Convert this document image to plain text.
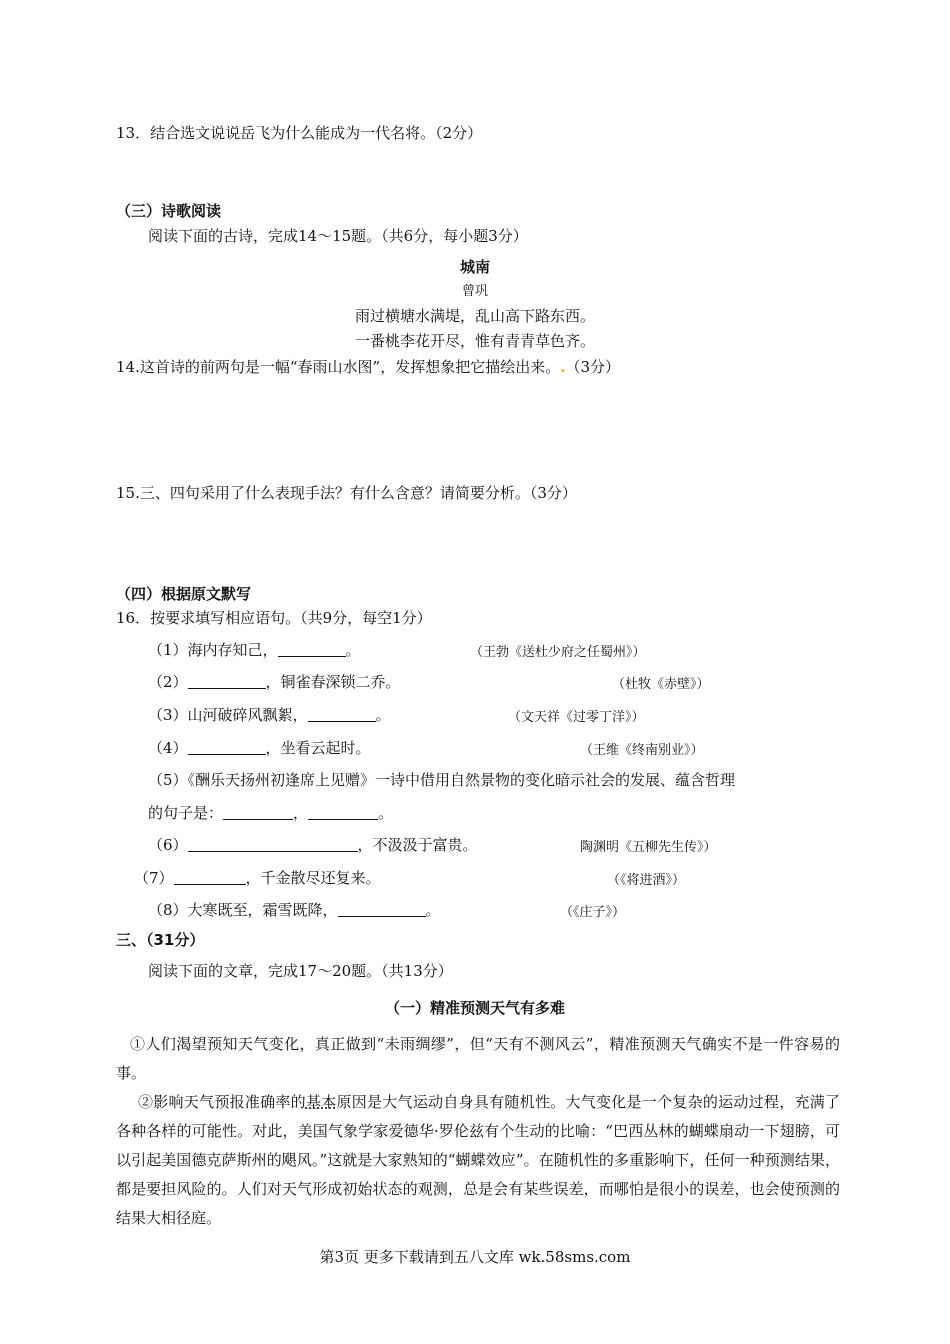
13．结合选文说说岳飞为什么能成为一代名将。（2分）
（三）诗歌阅读
阅读下面的古诗，完成14～15题。（共6分，每小题3分）
城南
曾巩
雨过横塘水满堤，乱山高下路东西。
一番桃李花开尽，惟有青青草色齐。
14.这首诗的前两句是一幅“春雨山水图”，发挥想象把它描绘出来。.（3分）
15.三、四句采用了什么表现手法？有什么含意？请简要分析。（3分）
（四）根据原文默写
16．按要求填写相应语句。（共9分，每空1分）
（1）海内存知己，	。	（王勃《送杜少府之任蜀州》）
（2）	，铜雀春深锁二乔。	（杜牧《赤壁》）
（3）山河破碎风飘絮，	。	（文天祥《过零丁洋》）
（4）	，坐看云起时。	（王维《终南别业》）
（5）《酬乐天扬州初逢席上见赠》一诗中借用自然景物的变化暗示社会的发展、蕴含哲理
的句子是：	，	。
（6）	，不汲汲于富贵。	陶渊明《五柳先生传》）
（7）	，千金散尽还复来。	（《将进酒》）
（8）大寒既至，霜雪既降，	。	（《庄子》）
三、（31分）
阅读下面的文章，完成17～20题。（共13分）
（一）精准预测天气有多难
①人们渴望预知天气变化，真正做到“未雨绸缪”，但“天有不测风云”，精准预测天气确实不是一件容易的事。
②影响天气预报准确率的基本原因是大气运动自身具有随机性。大气变化是一个复杂的运动过程，充满了各种各样的可能性。对此，美国气象学家爱德华·罗伦兹有个生动的比喻：“巴西丛林的蝴蝶扇动一下翅膀，可以引起美国德克萨斯州的飓风。”这就是大家熟知的“蝴蝶效应”。在随机性的多重影响下，任何一种预测结果，都是要担风险的。人们对天气形成初始状态的观测，总是会有某些误差，而哪怕是很小的误差，也会使预测的结果大相径庭。
第3页 更多下载请到五八文库 wk.58sms.com
